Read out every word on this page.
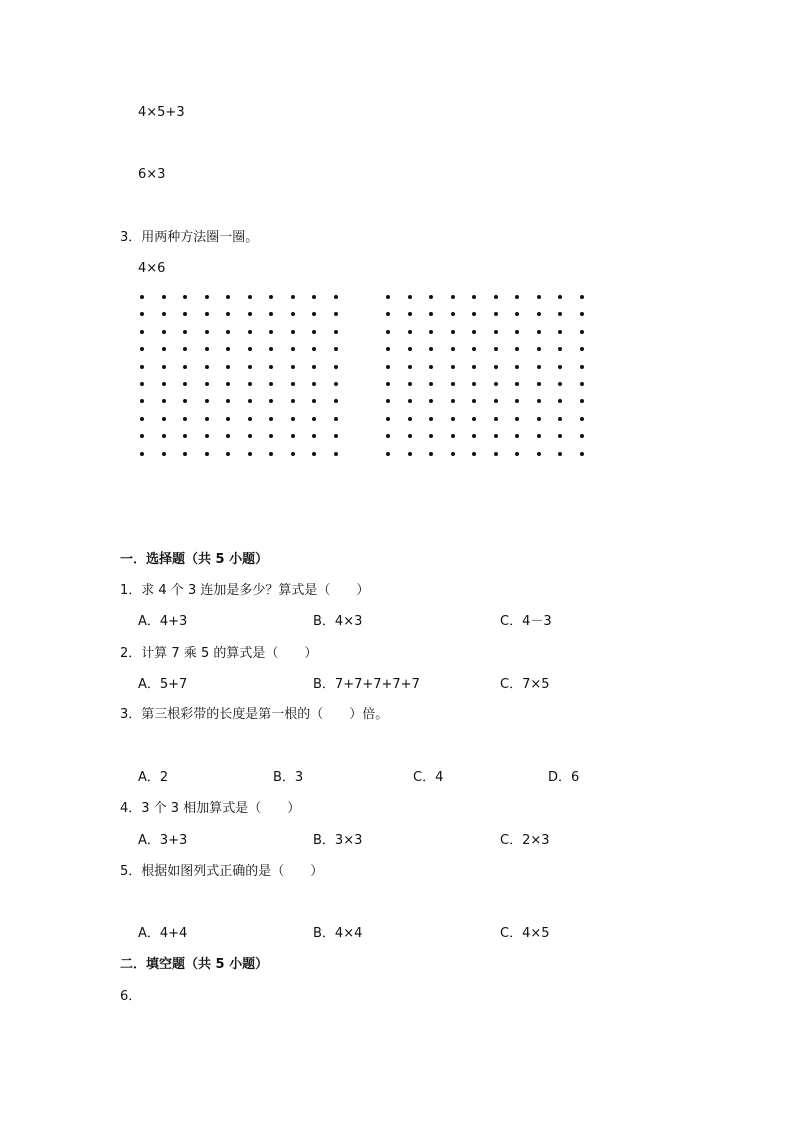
4×5+3
6×3
3．用两种方法圈一圈。
4×6
一．选择题（共 5 小题）
1．求 4 个 3 连加是多少？算式是（　　）
A．4+3	B．4×3	C．4－3
2．计算 7 乘 5 的算式是（　　）
A．5+7	B．7+7+7+7+7	C．7×5
3．第三根彩带的长度是第一根的（　　）倍。
A．2	B．3	C．4	D．6
4．3 个 3 相加算式是（　　）
A．3+3	B．3×3	C．2×3
5．根据如图列式正确的是（　　）
A．4+4	B．4×4	C．4×5
二．填空题（共 5 小题）
6．
